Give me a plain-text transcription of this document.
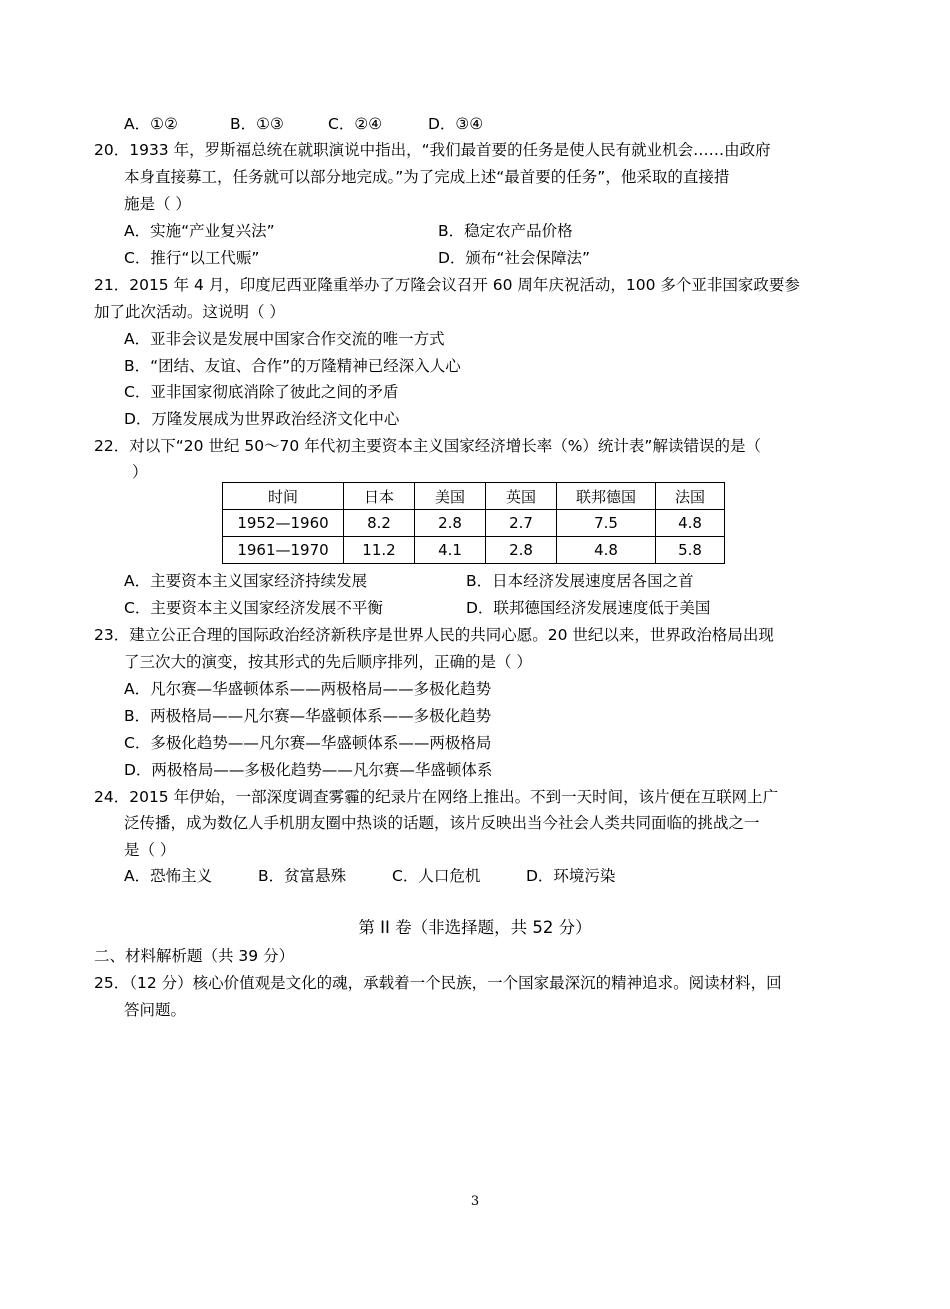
A．①②	B．①③	C．②④	D．③④
20．1933 年，罗斯福总统在就职演说中指出，“我们最首要的任务是使人民有就业机会……由政府
本身直接募工，任务就可以部分地完成。”为了完成上述“最首要的任务”，他采取的直接措
施是（ ）
A．实施“产业复兴法”	B．稳定农产品价格
C．推行“以工代赈”	D．颁布“社会保障法”
21．2015 年 4 月，印度尼西亚隆重举办了万隆会议召开 60 周年庆祝活动，100 多个亚非国家政要参
加了此次活动。这说明（ ）
A．亚非会议是发展中国家合作交流的唯一方式
B．“团结、友谊、合作”的万隆精神已经深入人心
C．亚非国家彻底消除了彼此之间的矛盾
D．万隆发展成为世界政治经济文化中心
22．对以下“20 世纪 50～70 年代初主要资本主义国家经济增长率（%）统计表”解读错误的是（
）
时间	日本	美国	英国	联邦德国	法国
1952—1960	8.2	2.8	2.7	7.5	4.8
1961—1970	11.2	4.1	2.8	4.8	5.8
A．主要资本主义国家经济持续发展	B．日本经济发展速度居各国之首
C．主要资本主义国家经济发展不平衡	D．联邦德国经济发展速度低于美国
23．建立公正合理的国际政治经济新秩序是世界人民的共同心愿。20 世纪以来，世界政治格局出现
了三次大的演变，按其形式的先后顺序排列，正确的是（ ）
A．凡尔赛—华盛顿体系——两极格局——多极化趋势
B．两极格局——凡尔赛—华盛顿体系——多极化趋势
C．多极化趋势——凡尔赛—华盛顿体系——两极格局
D．两极格局——多极化趋势——凡尔赛—华盛顿体系
24．2015 年伊始，一部深度调查雾霾的纪录片在网络上推出。不到一天时间，该片便在互联网上广
泛传播，成为数亿人手机朋友圈中热谈的话题，该片反映出当今社会人类共同面临的挑战之一
是（ ）
A．恐怖主义	B．贫富悬殊	C．人口危机	D．环境污染
第 II 卷（非选择题，共 52 分）
二、材料解析题（共 39 分）
25．（12 分）核心价值观是文化的魂，承载着一个民族，一个国家最深沉的精神追求。阅读材料，回
答问题。
3
